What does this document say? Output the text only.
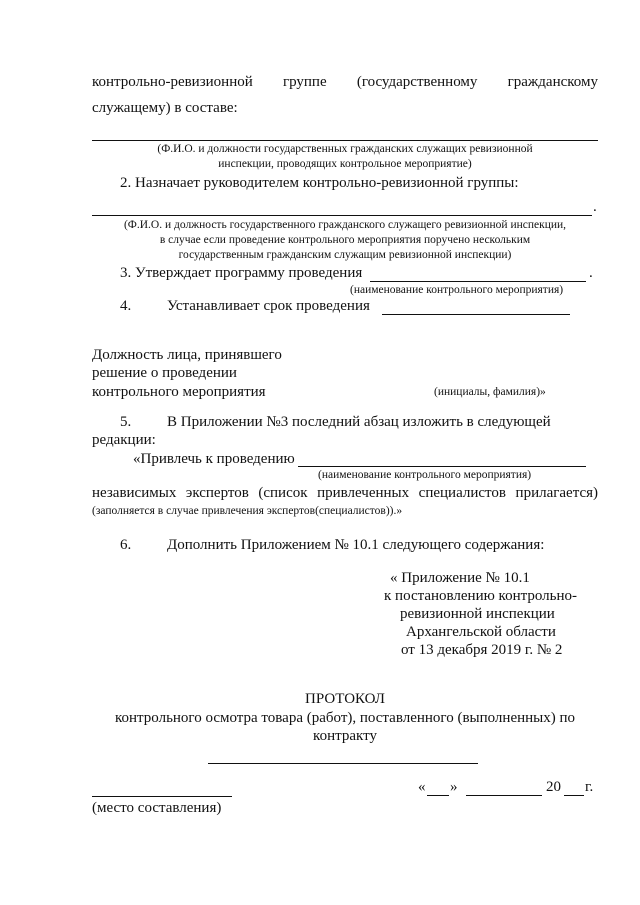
контрольно-ревизионной группе (государственному гражданскому
служащему) в составе:
(Ф.И.О. и должности государственных гражданских служащих ревизионной
инспекции, проводящих контрольное мероприятие)
2. Назначает руководителем контрольно-ревизионной группы:
.
(Ф.И.О. и должность государственного гражданского служащего ревизионной инспекции,
в случае если проведение контрольного мероприятия поручено нескольким
государственным гражданским служащим ревизионной инспекции)
3. Утверждает программу проведения	.
(наименование контрольного мероприятия)
4. Устанавливает срок проведения
Должность лица, принявшего
решение о проведении
контрольного мероприятия	(инициалы, фамилия)»
5. В Приложении №3 последний абзац изложить в следующей
редакции:
«Привлечь к проведению
(наименование контрольного мероприятия)
независимых экспертов (список привлеченных специалистов прилагается)
(заполняется в случае привлечения экспертов(специалистов)).»
6. Дополнить Приложением № 10.1 следующего содержания:
« Приложение № 10.1
к постановлению контрольно-
ревизионной инспекции
Архангельской области
от 13 декабря 2019 г. № 2
ПРОТОКОЛ
контрольного осмотра товара (работ), поставленного (выполненных) по
контракту
(место составления)
« »	20 г.
